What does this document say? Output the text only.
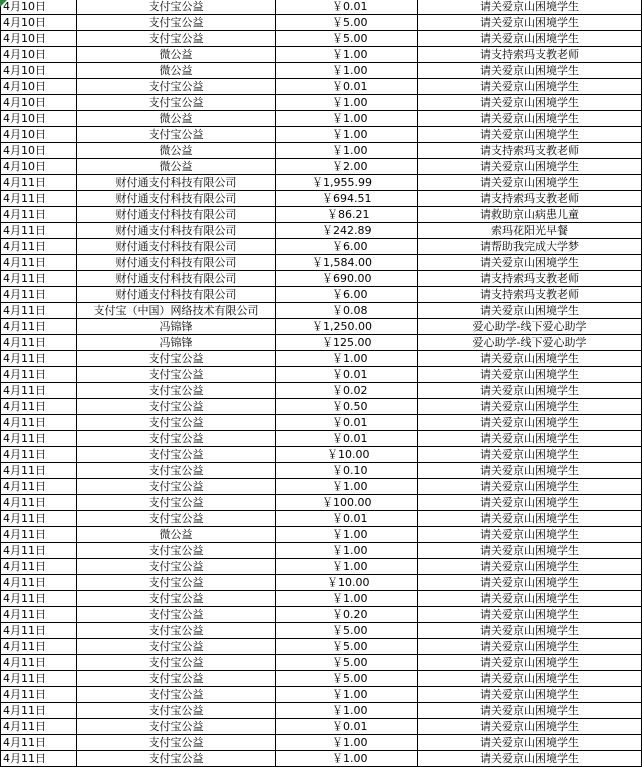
4月10日	支付宝公益	￥0.01	请关爱京山困境学生
4月10日	支付宝公益	￥5.00	请关爱京山困境学生
4月10日	支付宝公益	￥5.00	请关爱京山困境学生
4月10日	微公益	￥1.00	请支持索玛支教老师
4月10日	微公益	￥1.00	请关爱京山困境学生
4月10日	支付宝公益	￥0.01	请关爱京山困境学生
4月10日	支付宝公益	￥1.00	请关爱京山困境学生
4月10日	微公益	￥1.00	请关爱京山困境学生
4月10日	支付宝公益	￥1.00	请关爱京山困境学生
4月10日	微公益	￥1.00	请支持索玛支教老师
4月10日	微公益	￥2.00	请关爱京山困境学生
4月11日	财付通支付科技有限公司	￥1,955.99	请关爱京山困境学生
4月11日	财付通支付科技有限公司	￥694.51	请支持索玛支教老师
4月11日	财付通支付科技有限公司	￥86.21	请救助京山病患儿童
4月11日	财付通支付科技有限公司	￥242.89	索玛花阳光早餐
4月11日	财付通支付科技有限公司	￥6.00	请帮助我完成大学梦
4月11日	财付通支付科技有限公司	￥1,584.00	请关爱京山困境学生
4月11日	财付通支付科技有限公司	￥690.00	请支持索玛支教老师
4月11日	财付通支付科技有限公司	￥6.00	请支持索玛支教老师
4月11日	支付宝（中国）网络技术有限公司	￥0.08	请关爱京山困境学生
4月11日	冯锦锋	￥1,250.00	爱心助学-线下爱心助学
4月11日	冯锦锋	￥125.00	爱心助学-线下爱心助学
4月11日	支付宝公益	￥1.00	请关爱京山困境学生
4月11日	支付宝公益	￥0.01	请关爱京山困境学生
4月11日	支付宝公益	￥0.02	请关爱京山困境学生
4月11日	支付宝公益	￥0.50	请关爱京山困境学生
4月11日	支付宝公益	￥0.01	请关爱京山困境学生
4月11日	支付宝公益	￥0.01	请关爱京山困境学生
4月11日	支付宝公益	￥10.00	请关爱京山困境学生
4月11日	支付宝公益	￥0.10	请关爱京山困境学生
4月11日	支付宝公益	￥1.00	请关爱京山困境学生
4月11日	支付宝公益	￥100.00	请关爱京山困境学生
4月11日	支付宝公益	￥0.01	请关爱京山困境学生
4月11日	微公益	￥1.00	请关爱京山困境学生
4月11日	支付宝公益	￥1.00	请关爱京山困境学生
4月11日	支付宝公益	￥1.00	请关爱京山困境学生
4月11日	支付宝公益	￥10.00	请关爱京山困境学生
4月11日	支付宝公益	￥1.00	请关爱京山困境学生
4月11日	支付宝公益	￥0.20	请关爱京山困境学生
4月11日	支付宝公益	￥5.00	请关爱京山困境学生
4月11日	支付宝公益	￥5.00	请关爱京山困境学生
4月11日	支付宝公益	￥5.00	请关爱京山困境学生
4月11日	支付宝公益	￥5.00	请关爱京山困境学生
4月11日	支付宝公益	￥1.00	请关爱京山困境学生
4月11日	支付宝公益	￥1.00	请关爱京山困境学生
4月11日	支付宝公益	￥0.01	请关爱京山困境学生
4月11日	支付宝公益	￥1.00	请关爱京山困境学生
4月11日	支付宝公益	￥1.00	请关爱京山困境学生
